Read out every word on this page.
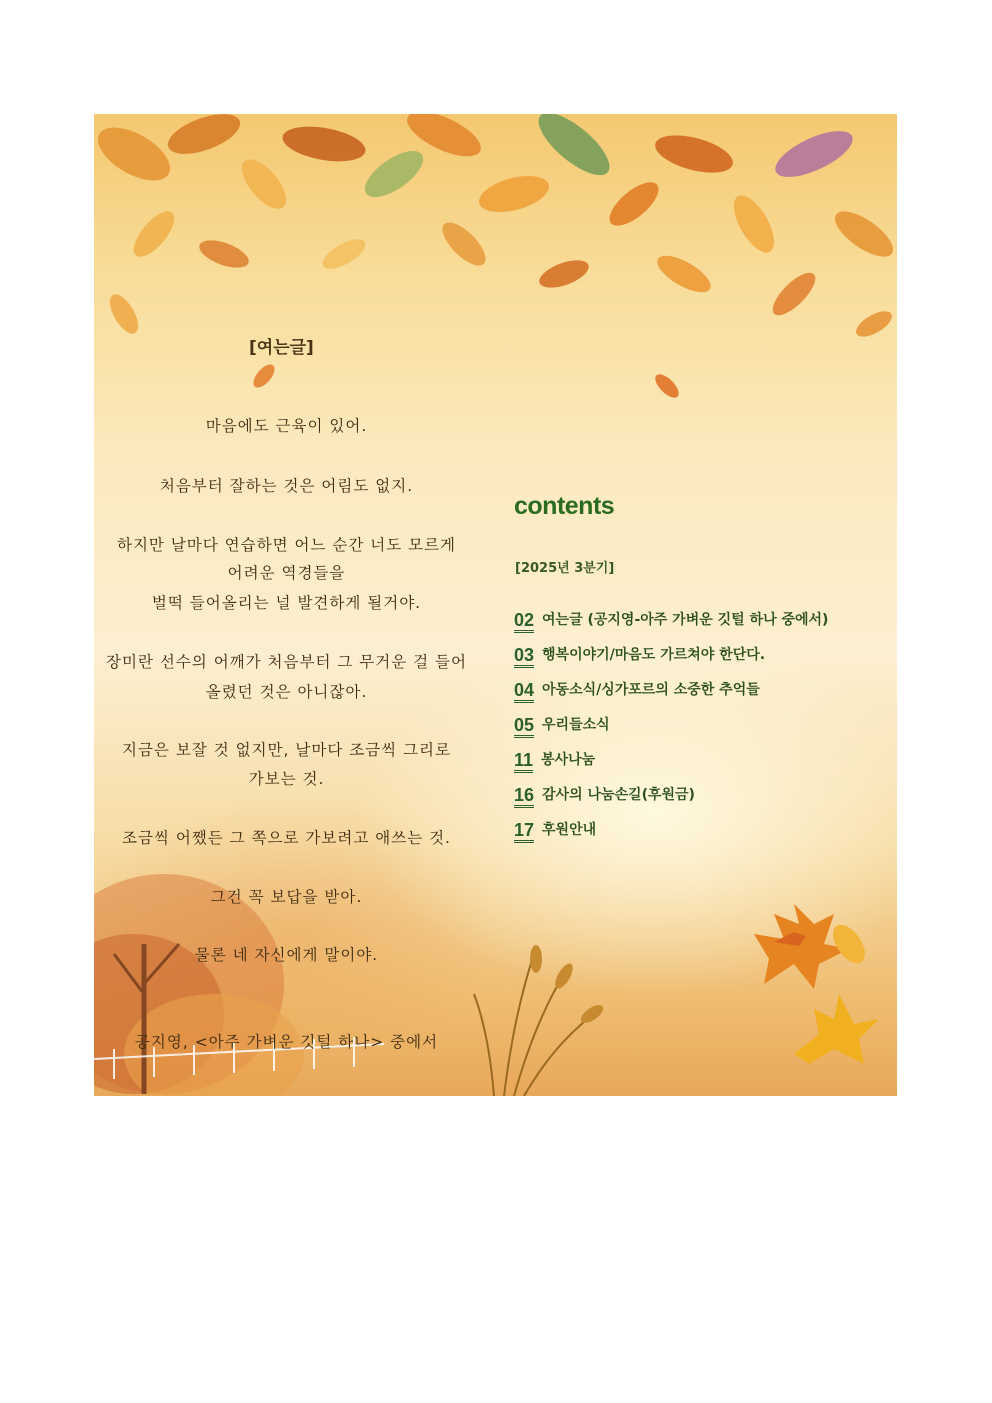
[여는글]
마음에도 근육이 있어.
처음부터 잘하는 것은 어림도 없지.
하지만 날마다 연습하면 어느 순간 너도 모르게
어려운 역경들을
벌떡 들어올리는 널 발견하게 될거야.
장미란 선수의 어깨가 처음부터 그 무거운 걸 들어
올렸던 것은 아니잖아.
지금은 보잘 것 없지만, 날마다 조금씩 그리로
가보는 것.
조금씩 어쨌든 그 쪽으로 가보려고 애쓰는 것.
그건 꼭 보답을 받아.
물론 네 자신에게 말이야.
공지영, <아주 가벼운 깃털 하나> 중에서
contents
[2025년 3분기]
02 여는글 (공지영-아주 가벼운 깃털 하나 중에서)
03 행복이야기/마음도 가르쳐야 한단다.
04 아동소식/싱가포르의 소중한 추억들
05 우리들소식
11 봉사나눔
16 감사의 나눔손길(후원금)
17 후원안내
